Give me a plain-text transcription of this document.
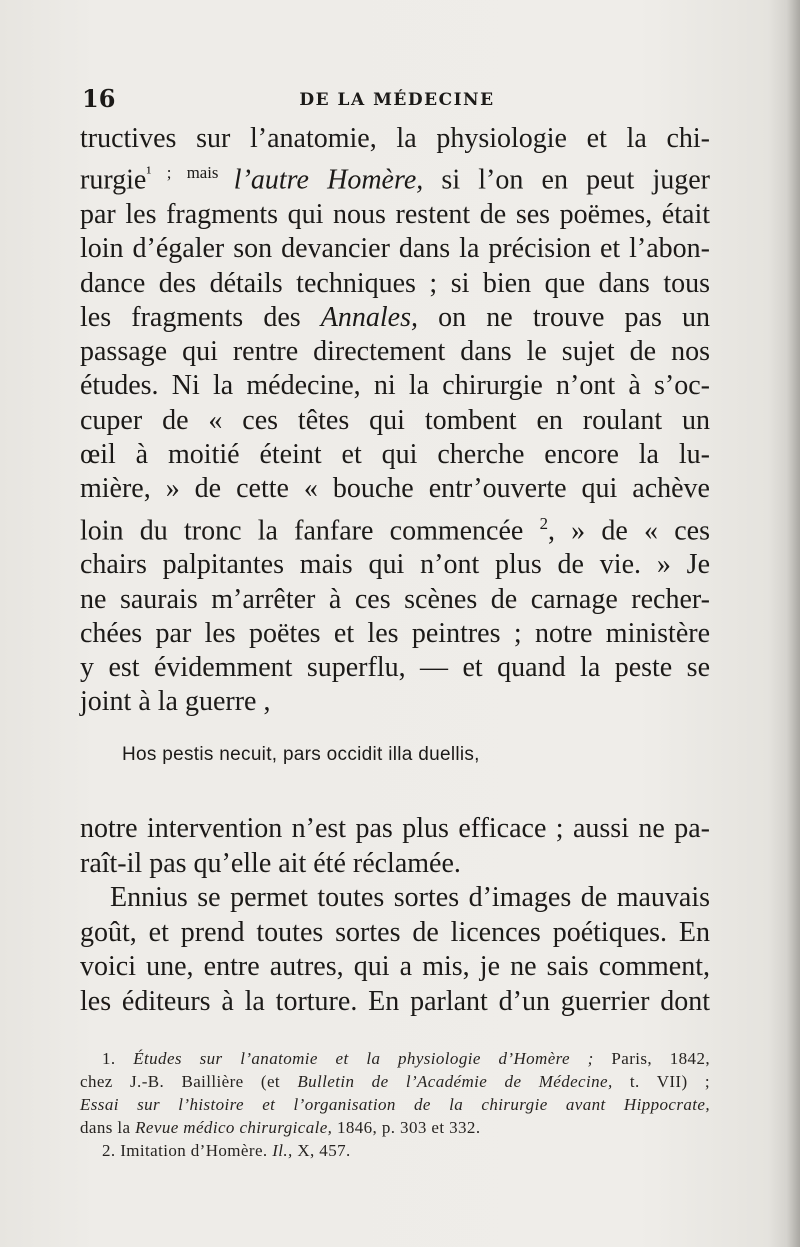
16	DE LA MÉDECINE
tructives sur l’anatomie, la physiologie et la chi-
rurgie$^{^1 ; mais}$ l’autre Homère, si l’on en peut juger
par les fragments qui nous restent de ses poëmes, était
loin d’égaler son devancier dans la précision et l’abon-
dance des détails techniques ; si bien que dans tous
les fragments des Annales, on ne trouve pas un
passage qui rentre directement dans le sujet de nos
études. Ni la médecine, ni la chirurgie n’ont à s’oc-
cuper de « ces têtes qui tombent en roulant un
œil à moitié éteint et qui cherche encore la lu-
mière, » de cette « bouche entr’ouverte qui achève
loin du tronc la fanfare commencée $^2$, » de « ces
chairs palpitantes mais qui n’ont plus de vie. » Je
ne saurais m’arrêter à ces scènes de carnage recher-
chées par les poëtes et les peintres ; notre ministère
y est évidemment superflu, — et quand la peste se
joint à la guerre ,
Hos pestis necuit, pars occidit illa duellis,
notre intervention n’est pas plus efficace ; aussi ne pa-
raît-il pas qu’elle ait été réclamée.
Ennius se permet toutes sortes d’images de mauvais
goût, et prend toutes sortes de licences poétiques. En
voici une, entre autres, qui a mis, je ne sais comment,
les éditeurs à la torture. En parlant d’un guerrier dont
1. Études sur l’anatomie et la physiologie d’Homère ; Paris, 1842,
chez J.-B. Baillière (et Bulletin de l’Académie de Médecine, t. VII) ;
Essai sur l’histoire et l’organisation de la chirurgie avant Hippocrate,
dans la Revue médico chirurgicale, 1846, p. 303 et 332.
2. Imitation d’Homère. Il., X, 457.
